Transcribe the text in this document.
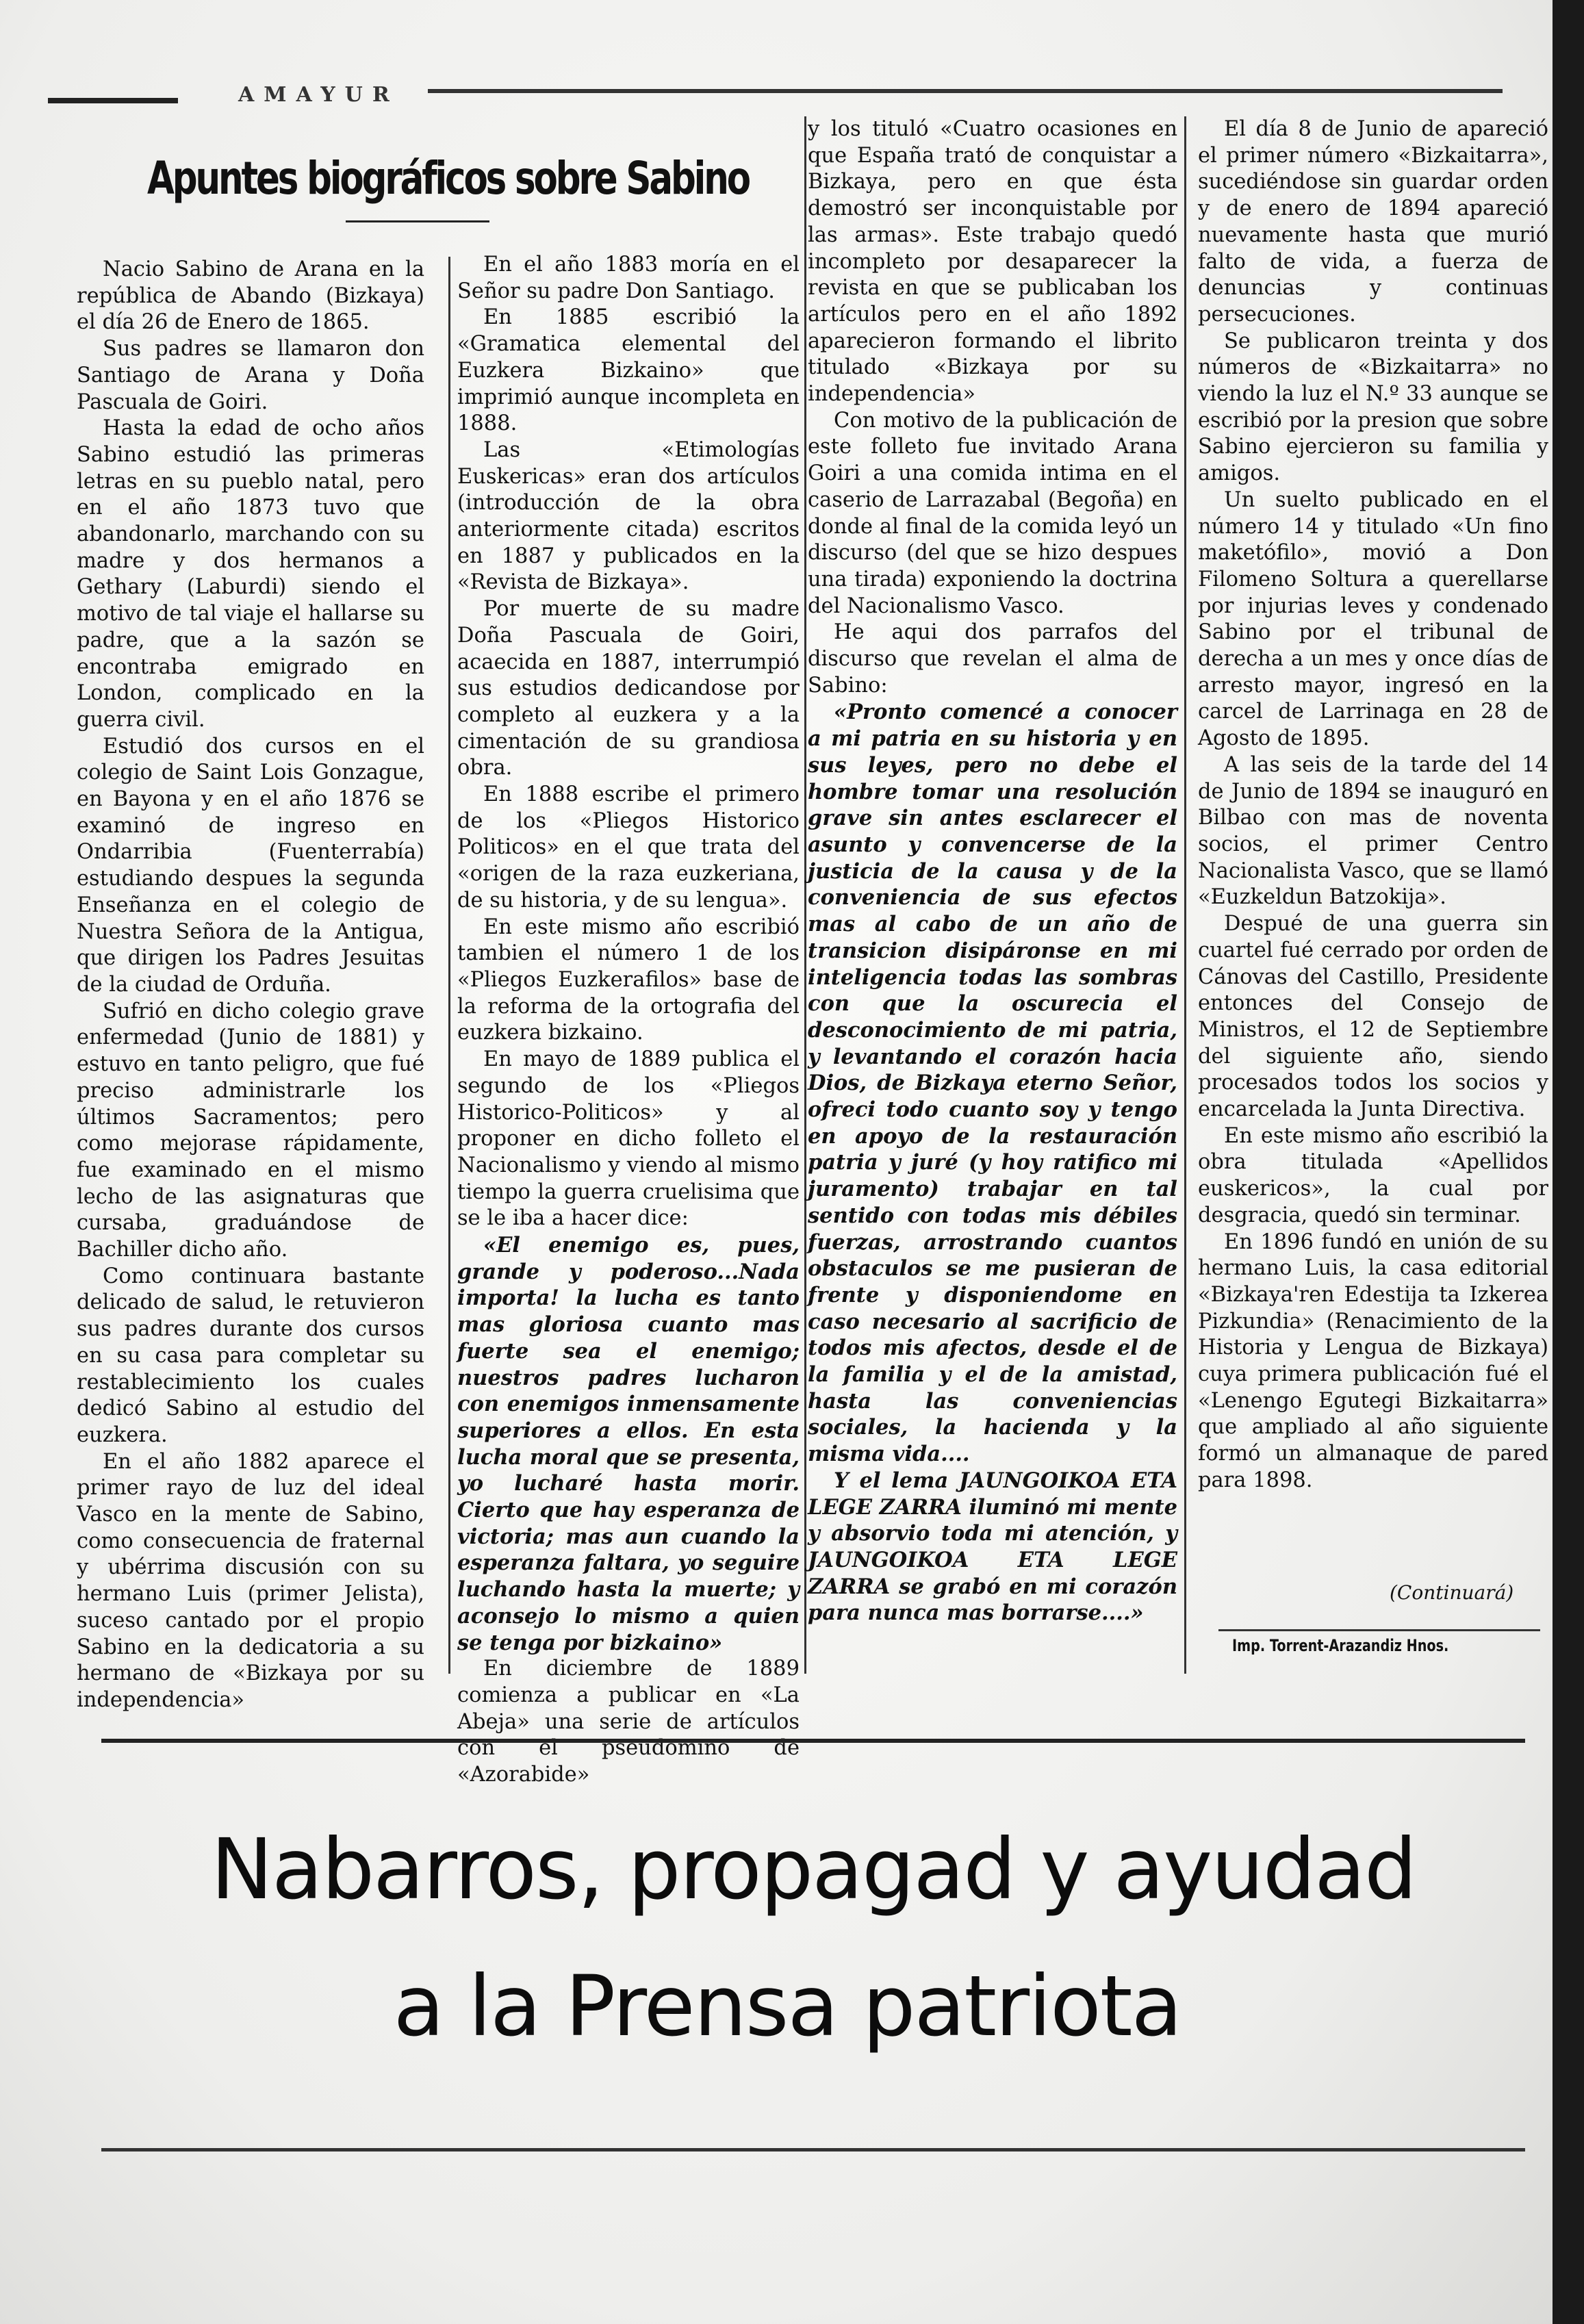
AMAYUR
Apuntes biográficos sobre Sabino

Nacio Sabino de Arana en la república de Abando (Bizkaya) el día 26 de Enero de 1865.

Sus padres se llamaron don Santiago de Arana y Doña Pascuala de Goiri.

Hasta la edad de ocho años Sabino estudió las primeras letras en su pueblo natal, pero en el año 1873 tuvo que abandonarlo, marchando con su madre y dos hermanos a Gethary (Laburdi) siendo el motivo de tal viaje el hallarse su padre, que a la sazón se encontraba emigrado en London, complicado en la guerra civil.

Estudió dos cursos en el colegio de Saint Lois Gonzague, en Bayona y en el año 1876 se examinó de ingreso en Ondarribia (Fuenterrabía) estudiando despues la segunda Enseñanza en el colegio de Nuestra Señora de la Antigua, que dirigen los Padres Jesuitas de la ciudad de Orduña.

Sufrió en dicho colegio grave enfermedad (Junio de 1881) y estuvo en tanto peligro, que fué preciso administrarle los últimos Sacramentos; pero como mejorase rápidamente, fue examinado en el mismo lecho de las asignaturas que cursaba, graduándose de Bachiller dicho año.

Como continuara bastante delicado de salud, le retuvieron sus padres durante dos cursos en su casa para completar su restablecimiento los cuales dedicó Sabino al estudio del euzkera.

En el año 1882 aparece el primer rayo de luz del ideal Vasco en la mente de Sabino, como consecuencia de fraternal y ubérrima discusión con su hermano Luis (primer Jelista), suceso cantado por el propio Sabino en la dedicatoria a su hermano de «Bizkaya por su independencia»

En el año 1883 moría en el Señor su padre Don Santiago.

En 1885 escribió la «Gramatica elemental del Euzkera Bizkaino» que imprimió aunque incompleta en 1888.

Las «Etimologías Euskericas» eran dos artículos (introducción de la obra anteriormente citada) escritos en 1887 y publicados en la «Revista de Bizkaya».

Por muerte de su madre Doña Pascuala de Goiri, acaecida en 1887, interrumpió sus estudios dedicandose por completo al euzkera y a la cimentación de su grandiosa obra.

En 1888 escribe el primero de los «Pliegos Historico Politicos» en el que trata del «origen de la raza euzkeriana, de su historia, y de su lengua».

En este mismo año escribió tambien el número 1 de los «Pliegos Euzkerafilos» base de la reforma de la ortografia del euzkera bizkaino.

En mayo de 1889 publica el segundo de los «Pliegos Historico-Politicos» y al proponer en dicho folleto el Nacionalismo y viendo al mismo tiempo la guerra cruelisima que se le iba a hacer dice:

«El enemigo es, pues, grande y poderoso...Nada importa! la lucha es tanto mas gloriosa cuanto mas fuerte sea el enemigo; nuestros padres lucharon con enemigos inmensamente superiores a ellos. En esta lucha moral que se presenta, yo lucharé hasta morir. Cierto que hay esperanza de victoria; mas aun cuando la esperanza faltara, yo seguire luchando hasta la muerte; y aconsejo lo mismo a quien se tenga por bizkaino»

En diciembre de 1889 comienza a publicar en «La Abeja» una serie de artículos con el pseudomino de «Azorabide»

y los tituló «Cuatro ocasiones en que España trató de conquistar a Bizkaya, pero en que ésta demostró ser inconquistable por las armas». Este trabajo quedó incompleto por desaparecer la revista en que se publicaban los artículos pero en el año 1892 aparecieron formando el librito titulado «Bizkaya por su independencia»

Con motivo de la publicación de este folleto fue invitado Arana Goiri a una comida intima en el caserio de Larrazabal (Begoña) en donde al final de la comida leyó un discurso (del que se hizo despues una tirada) exponiendo la doctrina del Nacionalismo Vasco.

He aqui dos parrafos del discurso que revelan el alma de Sabino:

«Pronto comencé a conocer a mi patria en su historia y en sus leyes, pero no debe el hombre tomar una resolución grave sin antes esclarecer el asunto y convencerse de la justicia de la causa y de la conveniencia de sus efectos mas al cabo de un año de transicion disipáronse en mi inteligencia todas las sombras con que la oscurecia el desconocimiento de mi patria, y levantando el corazón hacia Dios, de Bizkaya eterno Señor, ofreci todo cuanto soy y tengo en apoyo de la restauración patria y juré (y hoy ratifico mi juramento) trabajar en tal sentido con todas mis débiles fuerzas, arrostrando cuantos obstaculos se me pusieran de frente y disponiendome en caso necesario al sacrificio de todos mis afectos, desde el de la familia y el de la amistad, hasta las conveniencias sociales, la hacienda y la misma vida....

Y el lema JAUNGOIKOA ETA LEGE ZARRA iluminó mi mente y absorvio toda mi atención, y JAUNGOIKOA ETA LEGE ZARRA se grabó en mi corazón para nunca mas borrarse....»

El día 8 de Junio de apareció el primer número «Bizkaitarra», sucediéndose sin guardar orden y de enero de 1894 apareció nuevamente hasta que murió falto de vida, a fuerza de denuncias y continuas persecuciones.

Se publicaron treinta y dos números de «Bizkaitarra» no viendo la luz el N.º 33 aunque se escribió por la presion que sobre Sabino ejercieron su familia y amigos.

Un suelto publicado en el número 14 y titulado «Un fino maketófilo», movió a Don Filomeno Soltura a querellarse por injurias leves y condenado Sabino por el tribunal de derecha a un mes y once días de arresto mayor, ingresó en la carcel de Larrinaga en 28 de Agosto de 1895.

A las seis de la tarde del 14 de Junio de 1894 se inauguró en Bilbao con mas de noventa socios, el primer Centro Nacionalista Vasco, que se llamó «Euzkeldun Batzokija».

Despué de una guerra sin cuartel fué cerrado por orden de Cánovas del Castillo, Presidente entonces del Consejo de Ministros, el 12 de Septiembre del siguiente año, siendo procesados todos los socios y encarcelada la Junta Directiva.

En este mismo año escribió la obra titulada «Apellidos euskericos», la cual por desgracia, quedó sin terminar.

En 1896 fundó en unión de su hermano Luis, la casa editorial «Bizkaya'ren Edestija ta Izkerea Pizkundia» (Renacimiento de la Historia y Lengua de Bizkaya) cuya primera publicación fué el «Lenengo Egutegi Bizkaitarra» que ampliado al año siguiente formó un almanaque de pared para 1898.

(Continuará)
Imp. Torrent-Arazandiz Hnos.
Nabarros, propagad y ayudad
a la Prensa patriota
